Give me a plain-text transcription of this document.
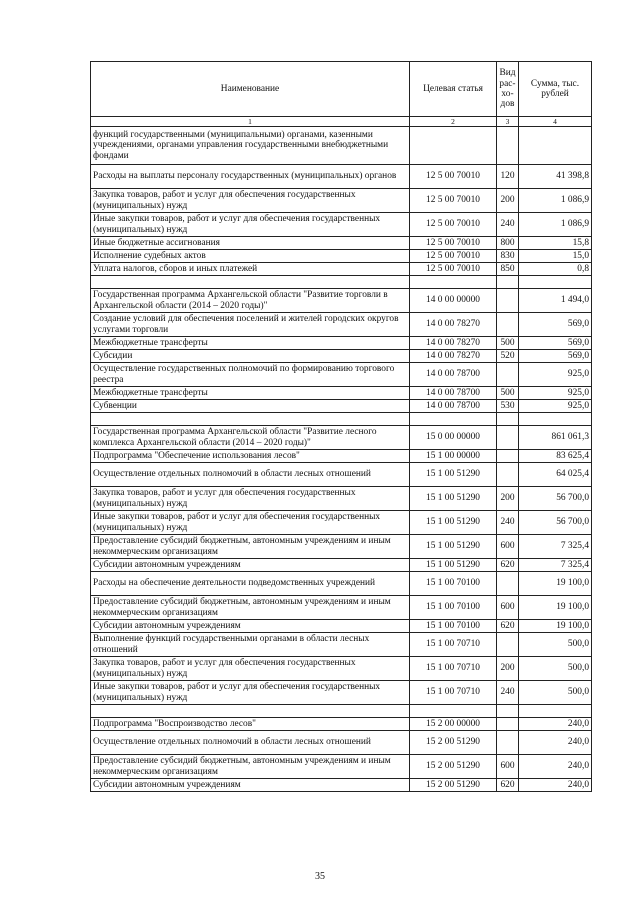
Наименование	Целевая статья	Вид рас-хо-дов	Сумма, тыс. рублей
1	2	3	4
функций государственными (муниципальными) органами, казенными учреждениями, органами управления государственными внебюджетными фондами			
Расходы на выплаты персоналу государственных (муниципальных) органов	12 5 00 70010	120	41 398,8
Закупка товаров, работ и услуг для обеспечения государственных (муниципальных) нужд	12 5 00 70010	200	1 086,9
Иные закупки товаров, работ и услуг для обеспечения государственных (муниципальных) нужд	12 5 00 70010	240	1 086,9
Иные бюджетные ассигнования	12 5 00 70010	800	15,8
Исполнение судебных актов	12 5 00 70010	830	15,0
Уплата налогов, сборов и иных платежей	12 5 00 70010	850	0,8

Государственная программа Архангельской области "Развитие торговли в Архангельской области (2014 – 2020 годы)"	14 0 00 00000		1 494,0
Создание условий для обеспечения поселений и жителей городских округов услугами торговли	14 0 00 78270		569,0
Межбюджетные трансферты	14 0 00 78270	500	569,0
Субсидии	14 0 00 78270	520	569,0
Осуществление государственных полномочий по формированию торгового реестра	14 0 00 78700		925,0
Межбюджетные трансферты	14 0 00 78700	500	925,0
Субвенции	14 0 00 78700	530	925,0

Государственная программа Архангельской области "Развитие лесного комплекса Архангельской области (2014 – 2020 годы)"	15 0 00 00000		861 061,3
Подпрограмма "Обеспечение использования лесов"	15 1 00 00000		83 625,4
Осуществление отдельных полномочий в области лесных отношений	15 1 00 51290		64 025,4
Закупка товаров, работ и услуг для обеспечения государственных (муниципальных) нужд	15 1 00 51290	200	56 700,0
Иные закупки товаров, работ и услуг для обеспечения государственных (муниципальных) нужд	15 1 00 51290	240	56 700,0
Предоставление субсидий бюджетным, автономным учреждениям и иным некоммерческим организациям	15 1 00 51290	600	7 325,4
Субсидии автономным учреждениям	15 1 00 51290	620	7 325,4
Расходы на обеспечение деятельности подведомственных учреждений	15 1 00 70100		19 100,0
Предоставление субсидий бюджетным, автономным учреждениям и иным некоммерческим организациям	15 1 00 70100	600	19 100,0
Субсидии автономным учреждениям	15 1 00 70100	620	19 100,0
Выполнение функций государственными органами в области лесных отношений	15 1 00 70710		500,0
Закупка товаров, работ и услуг для обеспечения государственных (муниципальных) нужд	15 1 00 70710	200	500,0
Иные закупки товаров, работ и услуг для обеспечения государственных (муниципальных) нужд	15 1 00 70710	240	500,0

Подпрограмма "Воспроизводство лесов"	15 2 00 00000		240,0
Осуществление отдельных полномочий в области лесных отношений	15 2 00 51290		240,0
Предоставление субсидий бюджетным, автономным учреждениям и иным некоммерческим организациям	15 2 00 51290	600	240,0
Субсидии автономным учреждениям	15 2 00 51290	620	240,0
35
